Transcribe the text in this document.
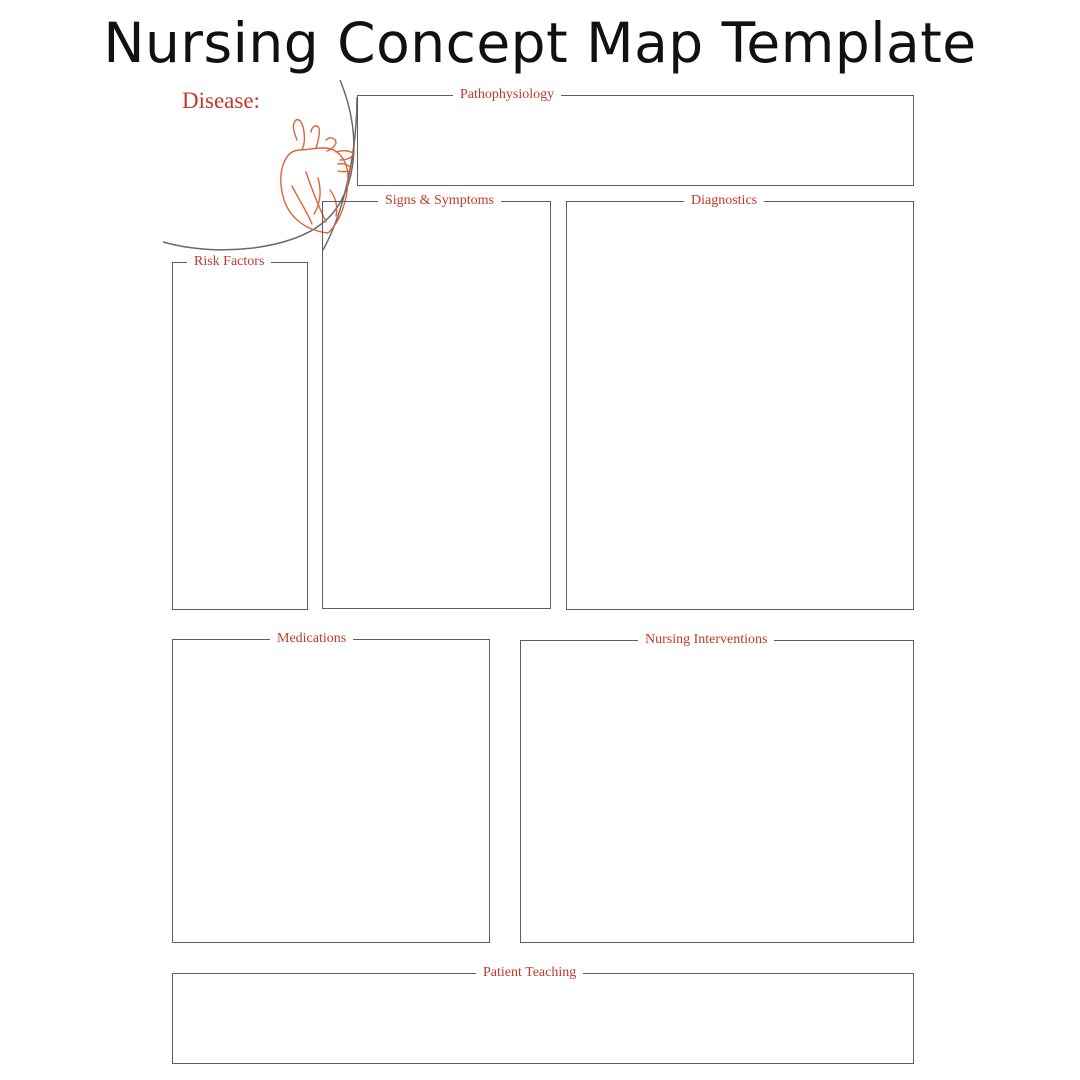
Nursing Concept Map Template
Disease:	Pathophysiology
Signs & Symptoms	Diagnostics
Risk Factors
Medications	Nursing Interventions
Patient Teaching
